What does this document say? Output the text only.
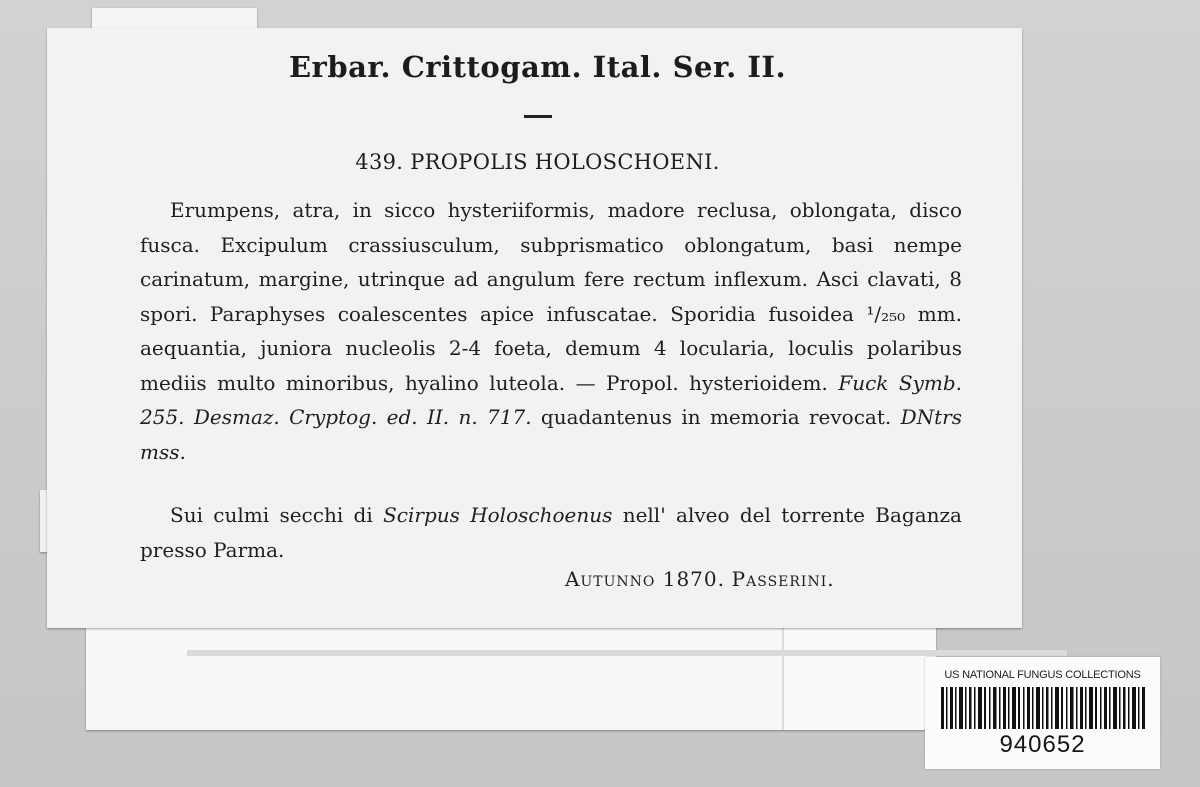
Erbar. Crittogam. Ital. Ser. II.
439. PROPOLIS HOLOSCHOENI.
Erumpens, atra, in sicco hysteriiformis, madore reclusa, oblongata, disco fusca. Excipulum crassiusculum, subprismatico oblongatum, basi nempe carinatum, margine, utrinque ad angulum fere rectum inflexum. Asci clavati, 8 spori. Paraphyses coalescentes apice infuscatae. Sporidia fusoidea ¹/₂₅₀ mm. aequantia, juniora nucleolis 2-4 foeta, demum 4 locularia, loculis polaribus mediis multo minoribus, hyalino luteola. — Propol. hysterioidem. Fuck Symb. 255. Desmaz. Cryptog. ed. II. n. 717. quadantenus in memoria revocat. DNtrs mss.
Sui culmi secchi di Scirpus Holoschoenus nell' alveo del torrente Baganza presso Parma.
Autunno 1870. Passerini.
US NATIONAL FUNGUS COLLECTIONS
940652
